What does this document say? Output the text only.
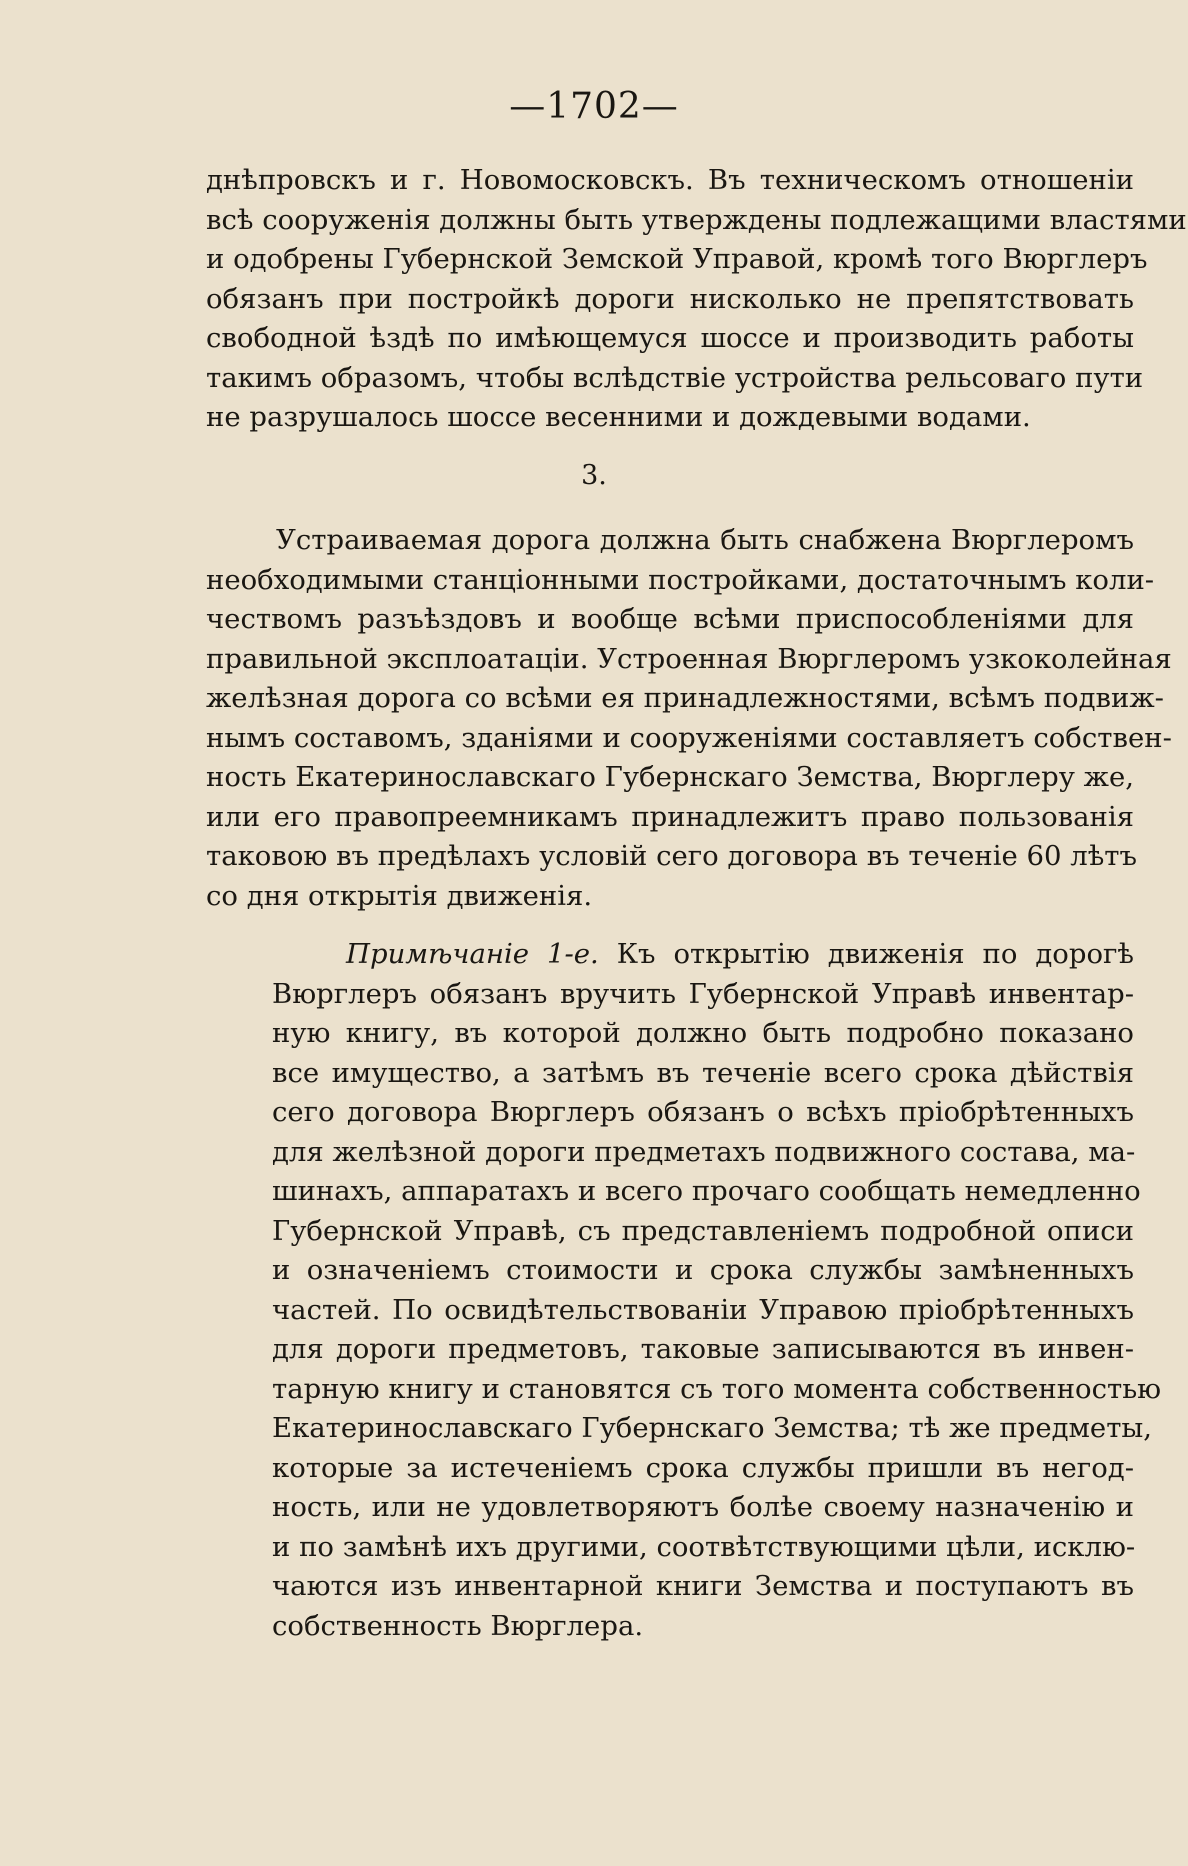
—1702—
днѣпровскъ и г. Новомосковскъ. Въ техническомъ отношеніи
всѣ сооруженія должны быть утверждены подлежащими властями
и одобрены Губернской Земской Управой, кромѣ того Вюрглеръ
обязанъ при постройкѣ дороги нисколько не препятствовать
свободной ѣздѣ по имѣющемуся шоссе и производить работы
такимъ образомъ, чтобы вслѣдствіе устройства рельсоваго пути
не разрушалось шоссе весенними и дождевыми водами.
3.
Устраиваемая дорога должна быть снабжена Вюрглеромъ
необходимыми станціонными постройками, достаточнымъ коли-
чествомъ разъѣздовъ и вообще всѣми приспособленіями для
правильной эксплоатаціи. Устроенная Вюрглеромъ узкоколейная
желѣзная дорога со всѣми ея принадлежностями, всѣмъ подвиж-
нымъ составомъ, зданіями и сооруженіями составляетъ собствен-
ность Екатеринославскаго Губернскаго Земства, Вюрглеру же,
или его правопреемникамъ принадлежитъ право пользованія
таковою въ предѣлахъ условій сего договора въ теченіе 60 лѣтъ
со дня открытія движенія.
Примѣчаніе 1-е. Къ открытію движенія по дорогѣ
Вюрглеръ обязанъ вручить Губернской Управѣ инвентар-
ную книгу, въ которой должно быть подробно показано
все имущество, а затѣмъ въ теченіе всего срока дѣйствія
сего договора Вюрглеръ обязанъ о всѣхъ пріобрѣтенныхъ
для желѣзной дороги предметахъ подвижного состава, ма-
шинахъ, аппаратахъ и всего прочаго сообщать немедленно
Губернской Управѣ, съ представленіемъ подробной описи
и означеніемъ стоимости и срока службы замѣненныхъ
частей. По освидѣтельствованіи Управою пріобрѣтенныхъ
для дороги предметовъ, таковые записываются въ инвен-
тарную книгу и становятся съ того момента собственностью
Екатеринославскаго Губернскаго Земства; тѣ же предметы,
которые за истеченіемъ срока службы пришли въ негод-
ность, или не удовлетворяютъ болѣе своему назначенію и
и по замѣнѣ ихъ другими, соотвѣтствующими цѣли, исклю-
чаются изъ инвентарной книги Земства и поступаютъ въ
собственность Вюрглера.
